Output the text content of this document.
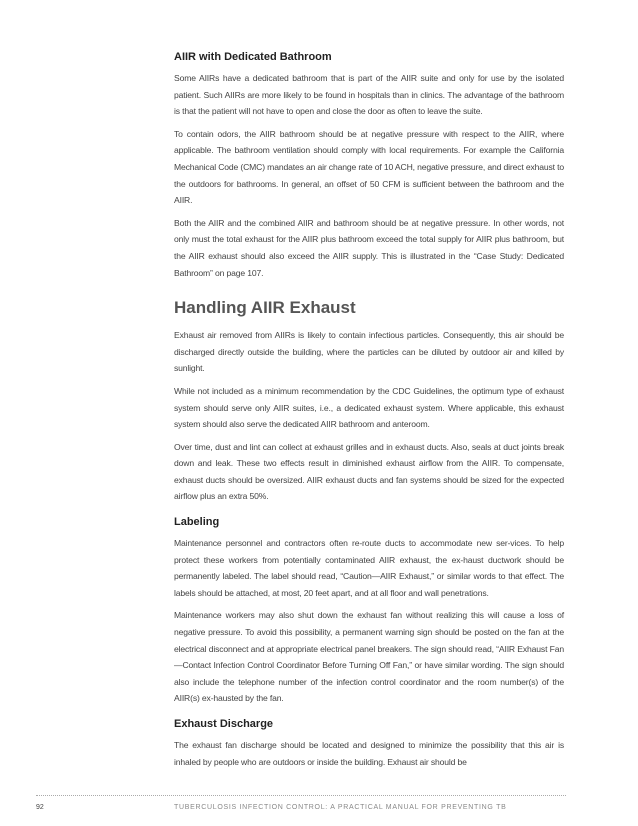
AIIR with Dedicated Bathroom

Some AIIRs have a dedicated bathroom that is part of the AIIR suite and only for use by the isolated patient. Such AIIRs are more likely to be found in hospitals than in clinics. The advantage of the bathroom is that the patient will not have to open and close the door as often to leave the suite.

To contain odors, the AIIR bathroom should be at negative pressure with respect to the AIIR, where applicable. The bathroom ventilation should comply with local requirements. For example the California Mechanical Code (CMC) mandates an air change rate of 10 ACH, negative pressure, and direct exhaust to the outdoors for bathrooms. In general, an offset of 50 CFM is sufficient between the bathroom and the AIIR.

Both the AIIR and the combined AIIR and bathroom should be at negative pressure. In other words, not only must the total exhaust for the AIIR plus bathroom exceed the total supply for AIIR plus bathroom, but the AIIR exhaust should also exceed the AIIR supply. This is illustrated in the “Case Study: Dedicated Bathroom” on page 107.

Handling AIIR Exhaust

Exhaust air removed from AIIRs is likely to contain infectious particles. Consequently, this air should be discharged directly outside the building, where the particles can be diluted by outdoor air and killed by sunlight.

While not included as a minimum recommendation by the CDC Guidelines, the optimum type of exhaust system should serve only AIIR suites, i.e., a dedicated exhaust system. Where applicable, this exhaust system should also serve the dedicated AIIR bathroom and anteroom.

Over time, dust and lint can collect at exhaust grilles and in exhaust ducts. Also, seals at duct joints break down and leak. These two effects result in diminished exhaust airflow from the AIIR. To compensate, exhaust ducts should be oversized. AIIR exhaust ducts and fan systems should be sized for the expected airflow plus an extra 50%.

Labeling

Maintenance personnel and contractors often re-route ducts to accommodate new ser-vices. To help protect these workers from potentially contaminated AIIR exhaust, the ex-haust ductwork should be permanently labeled. The label should read, “Caution—AIIR Exhaust,” or similar words to that effect. The labels should be attached, at most, 20 feet apart, and at all floor and wall penetrations.

Maintenance workers may also shut down the exhaust fan without realizing this will cause a loss of negative pressure. To avoid this possibility, a permanent warning sign should be posted on the fan at the electrical disconnect and at appropriate electrical panel breakers. The sign should read, “AIIR Exhaust Fan—Contact Infection Control Coordinator Before Turning Off Fan,” or have similar wording. The sign should also include the telephone number of the infection control coordinator and the room number(s) of the AIIR(s) ex-hausted by the fan.

Exhaust Discharge

The exhaust fan discharge should be located and designed to minimize the possibility that this air is inhaled by people who are outdoors or inside the building. Exhaust air should be

92	TUBERCULOSIS INFECTION CONTROL: A PRACTICAL MANUAL FOR PREVENTING TB
